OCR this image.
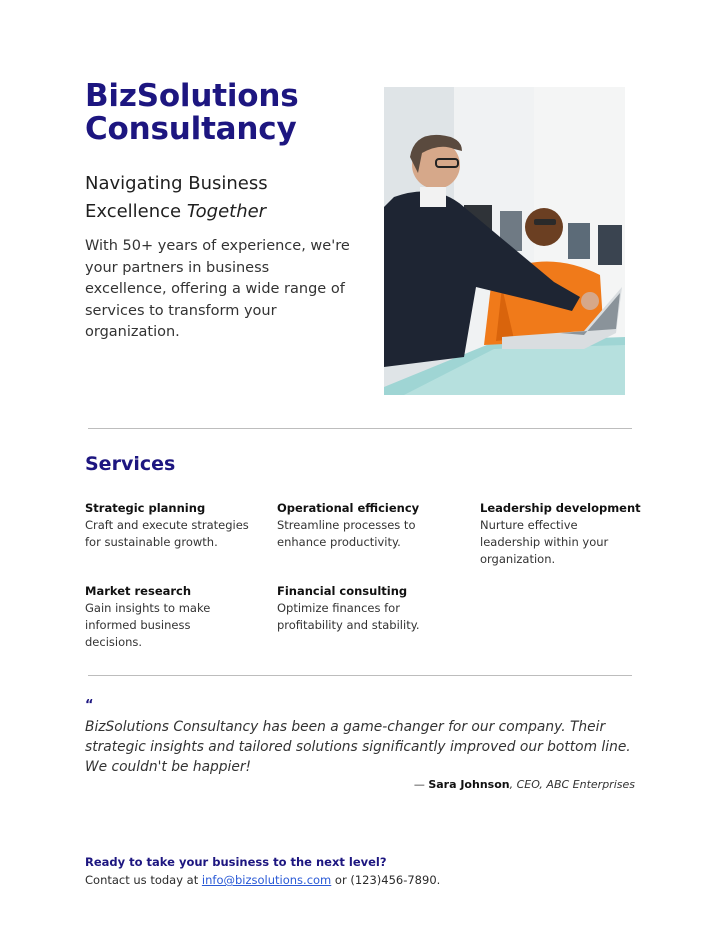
BizSolutions
Consultancy
Navigating Business
Excellence Together

With 50+ years of experience, we're your partners in business excellence, offering a wide range of services to transform your organization.

Services

Strategic planning

Craft and execute strategies for sustainable growth.

Operational efficiency

Streamline processes to enhance productivity.

Leadership development

Nurture effective leadership within your organization.

Market research

Gain insights to make informed business decisions.

Financial consulting

Optimize finances for profitability and stability.

“

BizSolutions Consultancy has been a game-changer for our company. Their strategic insights and tailored solutions significantly improved our bottom line. We couldn't be happier!

— Sara Johnson, CEO, ABC Enterprises

Ready to take your business to the next level?

Contact us today at info@bizsolutions.com or (123)456-7890.
